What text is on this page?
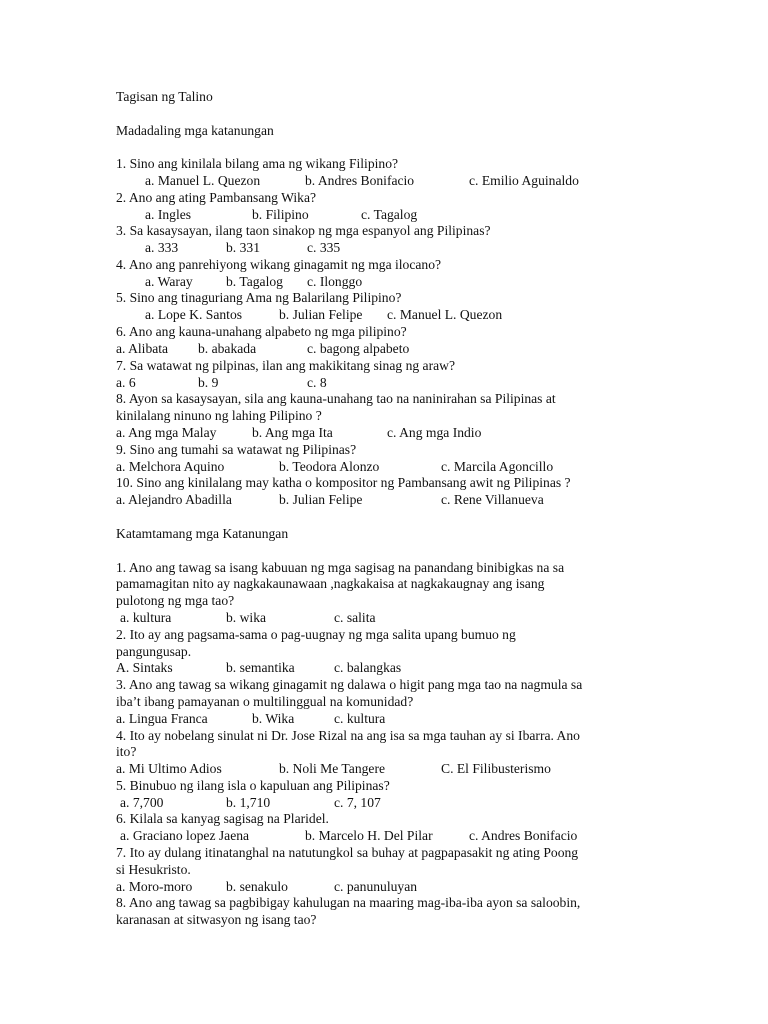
Tagisan ng Talino
Madadaling mga katanungan
1. Sino ang kinilala bilang ama ng wikang Filipino?
a. Manuel L. Quezon	b. Andres Bonifacio	c. Emilio Aguinaldo
2. Ano ang ating Pambansang Wika?
a. Ingles	b. Filipino	c. Tagalog
3. Sa kasaysayan, ilang taon sinakop ng mga espanyol ang Pilipinas?
a. 333	b. 331	c. 335
4. Ano ang panrehiyong wikang ginagamit ng mga ilocano?
a. Waray b. Tagalog c. Ilonggo
5. Sino ang tinaguriang Ama ng Balarilang Pilipino?
a. Lope K. Santos	b. Julian Felipe c. Manuel L. Quezon
6. Ano ang kauna-unahang alpabeto ng mga pilipino?
a. Alibata b. abakada	c. bagong alpabeto
7. Sa watawat ng pilpinas, ilan ang makikitang sinag ng araw?
a. 6	b. 9	c. 8
8. Ayon sa kasaysayan, sila ang kauna-unahang tao na naninirahan sa Pilipinas at
kinilalang ninuno ng lahing Pilipino ?
a. Ang mga Malay	b. Ang mga Ita	c. Ang mga Indio
9. Sino ang tumahi sa watawat ng Pilipinas?
a. Melchora Aquino	b. Teodora Alonzo	c. Marcila Agoncillo
10. Sino ang kinilalang may katha o kompositor ng Pambansang awit ng Pilipinas ?
a. Alejandro Abadilla	b. Julian Felipe	c. Rene Villanueva
Katamtamang mga Katanungan
1. Ano ang tawag sa isang kabuuan ng mga sagisag na panandang binibigkas na sa
pamamagitan nito ay nagkakaunawaan ,nagkakaisa at nagkakaugnay ang isang
pulotong ng mga tao?
a. kultura	b. wika	c. salita
2. Ito ay ang pagsama-sama o pag-uugnay ng mga salita upang bumuo ng
pangungusap.
A. Sintaks	b. semantika	c. balangkas
3. Ano ang tawag sa wikang ginagamit ng dalawa o higit pang mga tao na nagmula sa
iba’t ibang pamayanan o multilinggual na komunidad?
a. Lingua Franca	b. Wika	c. kultura
4. Ito ay nobelang sinulat ni Dr. Jose Rizal na ang isa sa mga tauhan ay si Ibarra. Ano
ito?
a. Mi Ultimo Adios	b. Noli Me Tangere	C. El Filibusterismo
5. Binubuo ng ilang isla o kapuluan ang Pilipinas?
a. 7,700	b. 1,710	c. 7, 107
6. Kilala sa kanyag sagisag na Plaridel.
a. Graciano lopez Jaena	b. Marcelo H. Del Pilar	c. Andres Bonifacio
7. Ito ay dulang itinatanghal na natutungkol sa buhay at pagpapasakit ng ating Poong
si Hesukristo.
a. Moro-moro b. senakulo	c. panunuluyan
8. Ano ang tawag sa pagbibigay kahulugan na maaring mag-iba-iba ayon sa saloobin,
karanasan at sitwasyon ng isang tao?
